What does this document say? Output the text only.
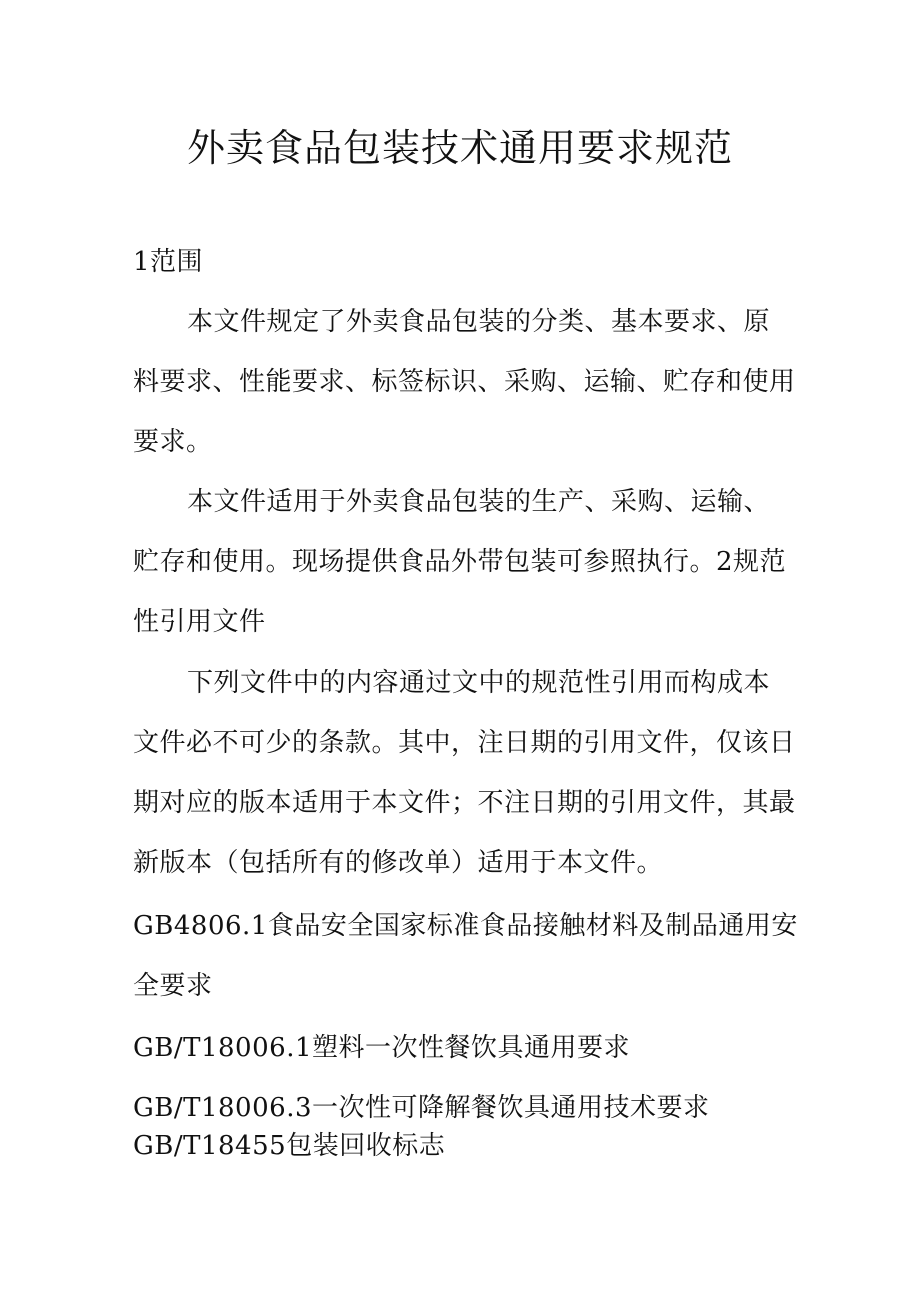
外卖食品包装技术通用要求规范
1范围
本文件规定了外卖食品包装的分类、基本要求、原
料要求、性能要求、标签标识、采购、运输、贮存和使用
要求。
本文件适用于外卖食品包装的生产、采购、运输、
贮存和使用。现场提供食品外带包装可参照执行。2规范
性引用文件
下列文件中的内容通过文中的规范性引用而构成本
文件必不可少的条款。其中，注日期的引用文件，仅该日
期对应的版本适用于本文件；不注日期的引用文件，其最
新版本（包括所有的修改单）适用于本文件。
GB4806.1食品安全国家标准食品接触材料及制品通用安
全要求
GB/T18006.1塑料一次性餐饮具通用要求
GB/T18006.3一次性可降解餐饮具通用技术要求
GB/T18455包装回收标志
